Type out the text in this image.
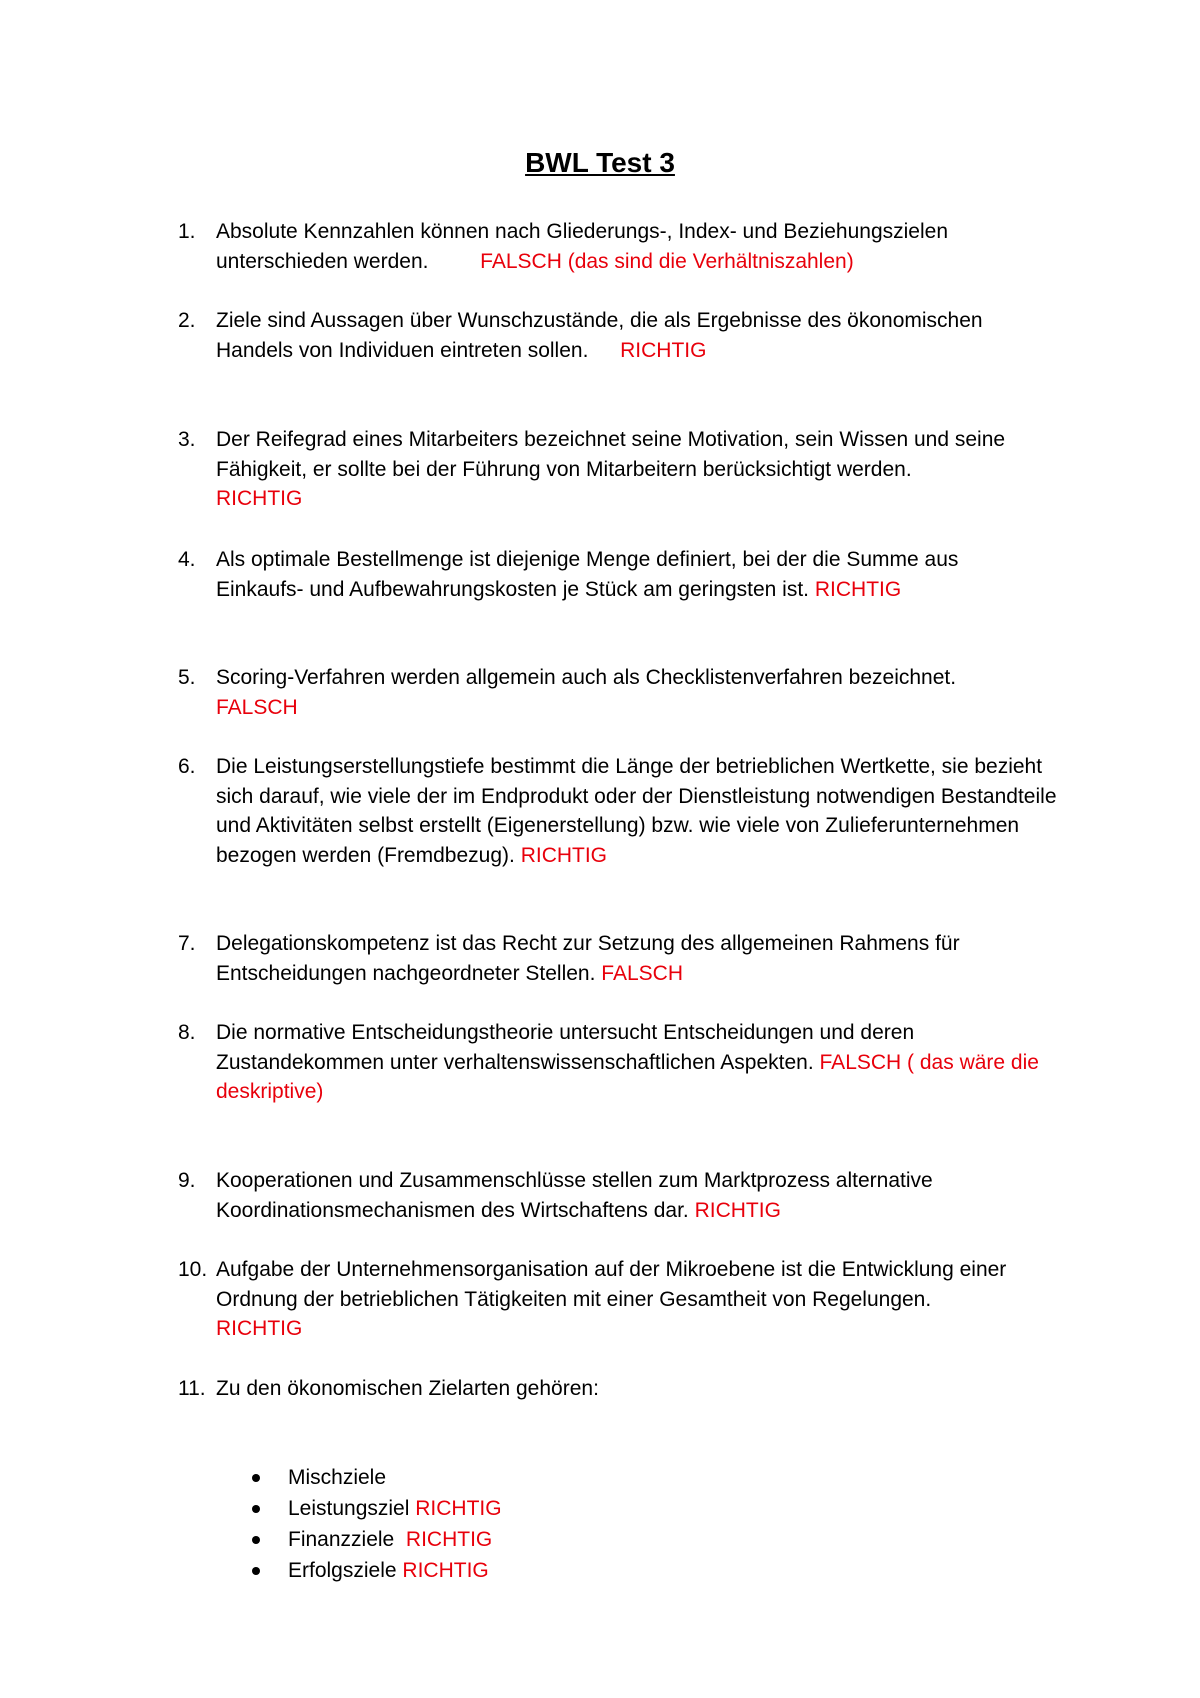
BWL Test 3
1. Absolute Kennzahlen können nach Gliederungs-, Index- und Beziehungszielen unterschieden werden. FALSCH (das sind die Verhältniszahlen)
2. Ziele sind Aussagen über Wunschzustände, die als Ergebnisse des ökonomischen Handels von Individuen eintreten sollen. RICHTIG
3. Der Reifegrad eines Mitarbeiters bezeichnet seine Motivation, sein Wissen und seine Fähigkeit, er sollte bei der Führung von Mitarbeitern berücksichtigt werden.
RICHTIG
4. Als optimale Bestellmenge ist diejenige Menge definiert, bei der die Summe aus Einkaufs- und Aufbewahrungskosten je Stück am geringsten ist. RICHTIG
5. Scoring-Verfahren werden allgemein auch als Checklistenverfahren bezeichnet.
FALSCH
6. Die Leistungserstellungstiefe bestimmt die Länge der betrieblichen Wertkette, sie bezieht sich darauf, wie viele der im Endprodukt oder der Dienstleistung notwendigen Bestandteile und Aktivitäten selbst erstellt (Eigenerstellung) bzw. wie viele von Zulieferunternehmen bezogen werden (Fremdbezug). RICHTIG
7. Delegationskompetenz ist das Recht zur Setzung des allgemeinen Rahmens für Entscheidungen nachgeordneter Stellen. FALSCH
8. Die normative Entscheidungstheorie untersucht Entscheidungen und deren Zustandekommen unter verhaltenswissenschaftlichen Aspekten. FALSCH ( das wäre die deskriptive)
9. Kooperationen und Zusammenschlüsse stellen zum Marktprozess alternative Koordinationsmechanismen des Wirtschaftens dar. RICHTIG
10. Aufgabe der Unternehmensorganisation auf der Mikroebene ist die Entwicklung einer Ordnung der betrieblichen Tätigkeiten mit einer Gesamtheit von Regelungen.
RICHTIG
11. Zu den ökonomischen Zielarten gehören:
Mischziele
Leistungsziel RICHTIG
Finanzziele RICHTIG
Erfolgsziele RICHTIG
